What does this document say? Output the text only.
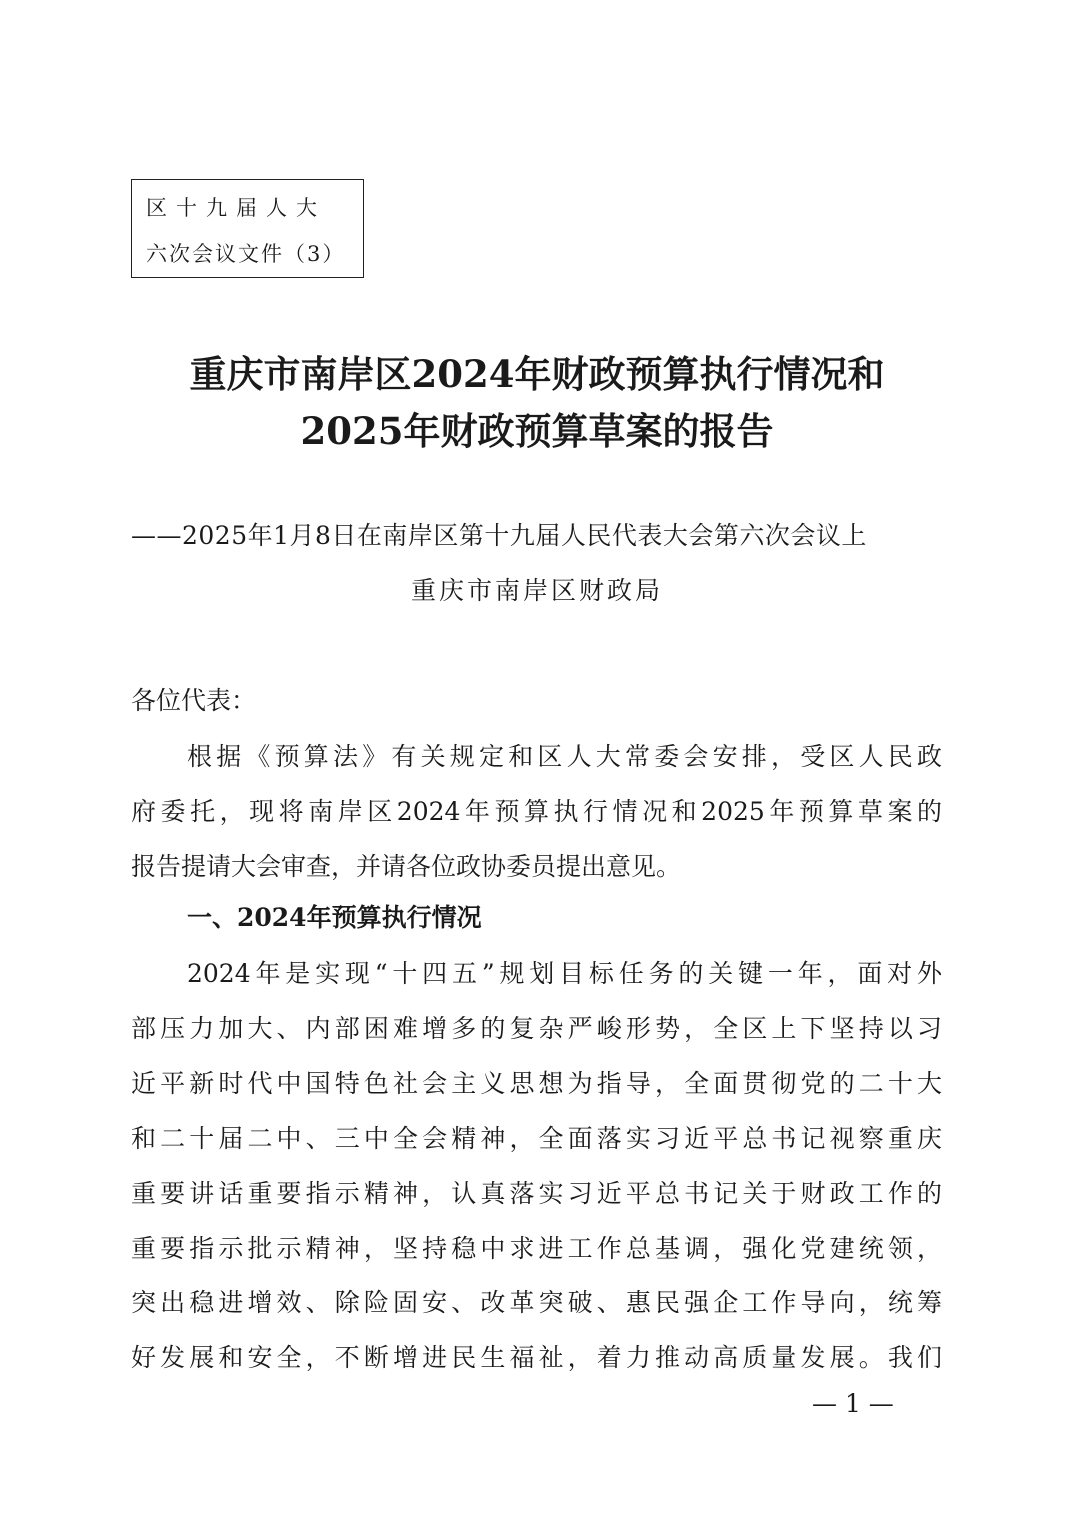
区十九届人大
六次会议文件（3）
重庆市南岸区2024年财政预算执行情况和
2025年财政预算草案的报告
——2025年1月8日在南岸区第十九届人民代表大会第六次会议上
重庆市南岸区财政局
各位代表：
根据《预算法》有关规定和区人大常委会安排，受区人民政
府委托，现将南岸区2024年预算执行情况和2025年预算草案的
报告提请大会审查，并请各位政协委员提出意见。
一、2024年预算执行情况
2024年是实现“十四五”规划目标任务的关键一年，面对外
部压力加大、内部困难增多的复杂严峻形势，全区上下坚持以习
近平新时代中国特色社会主义思想为指导，全面贯彻党的二十大
和二十届二中、三中全会精神，全面落实习近平总书记视察重庆
重要讲话重要指示精神，认真落实习近平总书记关于财政工作的
重要指示批示精神，坚持稳中求进工作总基调，强化党建统领，
突出稳进增效、除险固安、改革突破、惠民强企工作导向，统筹
好发展和安全，不断增进民生福祉，着力推动高质量发展。我们
— 1 —
